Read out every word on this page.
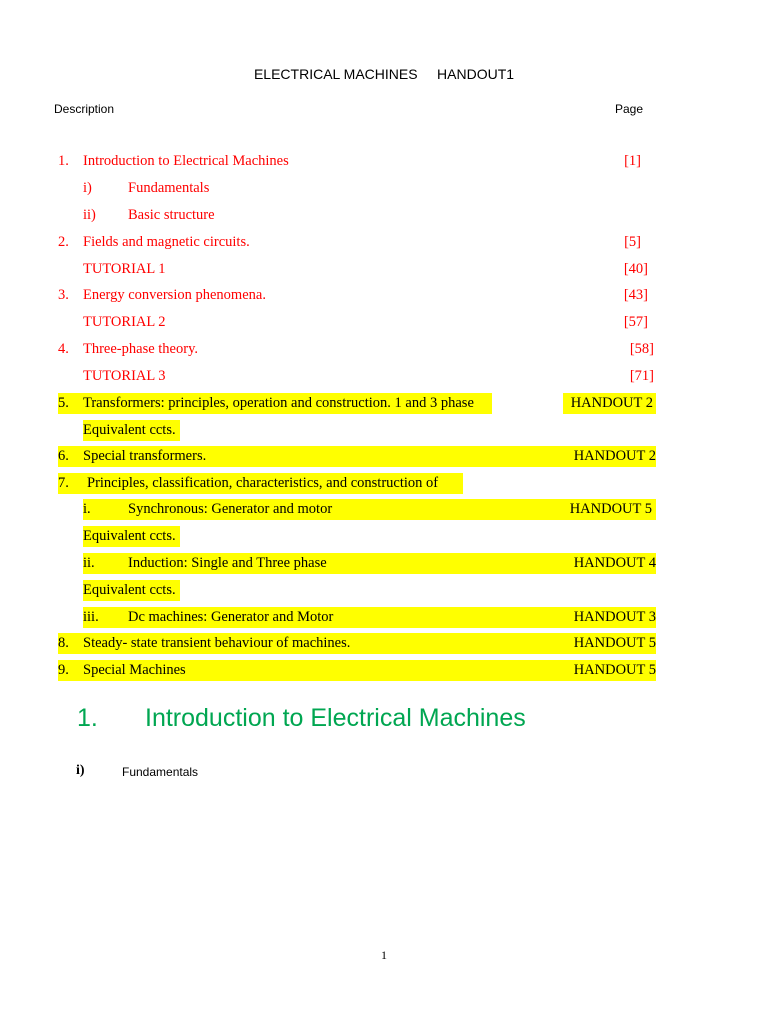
ELECTRICAL MACHINES     HANDOUT1
Description	Page
1. Introduction to Electrical Machines	[1]
i) Fundamentals
ii) Basic structure
2. Fields and magnetic circuits.	[5]
TUTORIAL 1	[40]
3. Energy conversion phenomena.	[43]
TUTORIAL 2	[57]
4. Three-phase theory.	[58]
TUTORIAL 3	[71]
5. Transformers: principles, operation and construction. 1 and 3 phase	HANDOUT 2
Equivalent ccts.
6. Special transformers.	HANDOUT 2
7. Principles, classification, characteristics, and construction of
i.	Synchronous: Generator and motor	HANDOUT 5
Equivalent ccts.
ii. Induction: Single and Three phase	HANDOUT 4
Equivalent ccts.
iii. Dc machines: Generator and Motor	HANDOUT 3
8. Steady- state transient behaviour of machines.	HANDOUT 5
9. Special Machines	HANDOUT 5
1. Introduction to Electrical Machines
i)	Fundamentals
1
